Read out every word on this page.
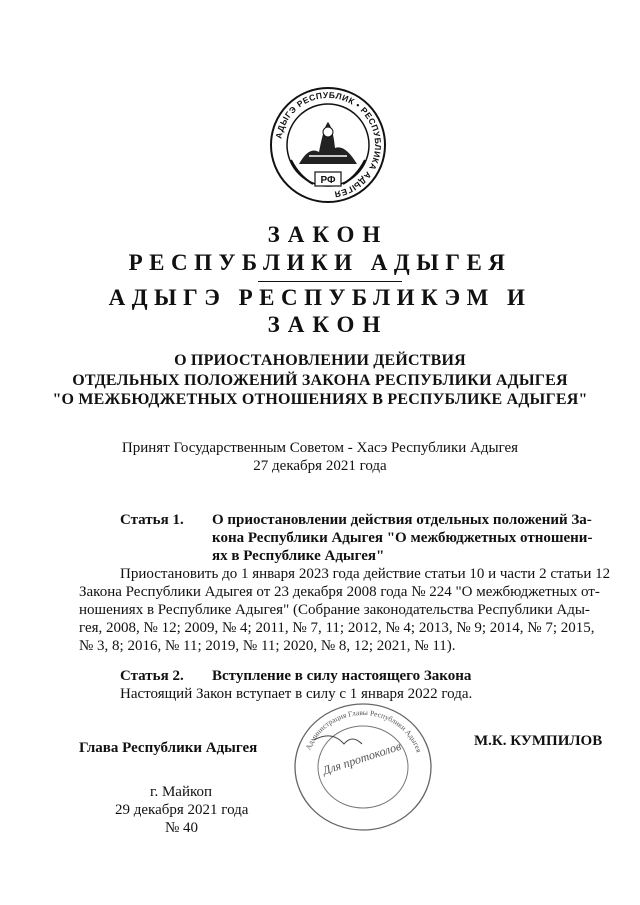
АДЫГЭ РЕСПУБЛИК • РЕСПУБЛИКА АДЫГЕЯ
РФ
ЗАКОН
РЕСПУБЛИКИ АДЫГЕЯ
АДЫГЭ РЕСПУБЛИКЭМ И
ЗАКОН
О ПРИОСТАНОВЛЕНИИ ДЕЙСТВИЯ
ОТДЕЛЬНЫХ ПОЛОЖЕНИЙ ЗАКОНА РЕСПУБЛИКИ АДЫГЕЯ
"О МЕЖБЮДЖЕТНЫХ ОТНОШЕНИЯХ В РЕСПУБЛИКЕ АДЫГЕЯ"
Принят Государственным Советом - Хасэ Республики Адыгея
27 декабря 2021 года
Статья 1. О приостановлении действия отдельных положений За-
кона Республики Адыгея "О межбюджетных отношени-
ях в Республике Адыгея"
Приостановить до 1 января 2023 года действие статьи 10 и части 2 статьи 12
Закона Республики Адыгея от 23 декабря 2008 года № 224 "О межбюджетных от-
ношениях в Республике Адыгея" (Собрание законодательства Республики Ады-
гея, 2008, № 12; 2009, № 4; 2011, № 7, 11; 2012, № 4; 2013, № 9; 2014, № 7; 2015,
№ 3, 8; 2016, № 11; 2019, № 11; 2020, № 8, 12; 2021, № 11).
Статья 2. Вступление в силу настоящего Закона
Настоящий Закон вступает в силу с 1 января 2022 года.
Глава Республики Адыгея	М.К. КУМПИЛОВ
Администрация Главы Республики Адыгея
Для протоколов
г. Майкоп
29 декабря 2021 года
№ 40
